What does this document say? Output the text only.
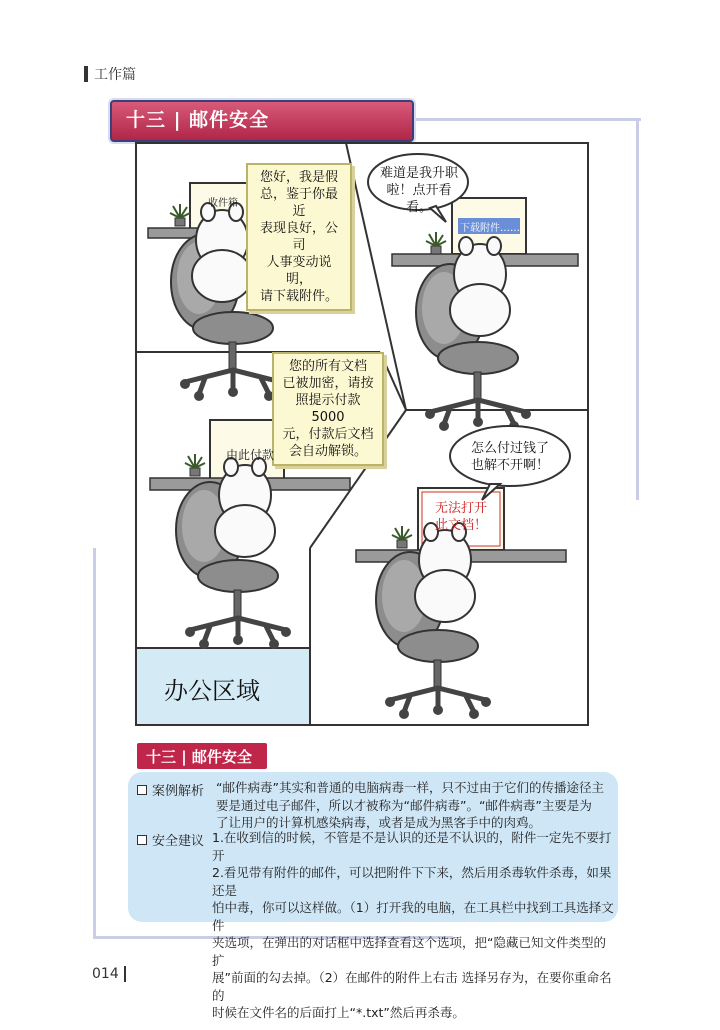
工作篇
十三 | 邮件安全
收件箱
您好，我是假
总，鉴于你最近
表现良好，公司
人事变动说明，
请下载附件。
难道是我升职
啦！点开看看。
下载附件……
您的所有文档
已被加密，请按
照提示付款5000
元，付款后文档
会自动解锁。
由此付款	怎么付过钱了
也解不开啊！
无法打开
此文档！
办公区域
十三 | 邮件安全
案例解析 “邮件病毒”其实和普通的电脑病毒一样，只不过由于它们的传播途径主
要是通过电子邮件，所以才被称为“邮件病毒”。“邮件病毒”主要是为
了让用户的计算机感染病毒，或者是成为黑客手中的肉鸡。
安全建议 1.在收到信的时候，不管是不是认识的还是不认识的，附件一定先不要打开
2.看见带有附件的邮件，可以把附件下下来，然后用杀毒软件杀毒，如果还是
怕中毒，你可以这样做。（1）打开我的电脑，在工具栏中找到工具选择文件
夹选项，在弹出的对话框中选择查看这个选项，把“隐藏已知文件类型的扩
展”前面的勾去掉。（2）在邮件的附件上右击 选择另存为，在要你重命名的
时候在文件名的后面打上“*.txt”然后再杀毒。
014
